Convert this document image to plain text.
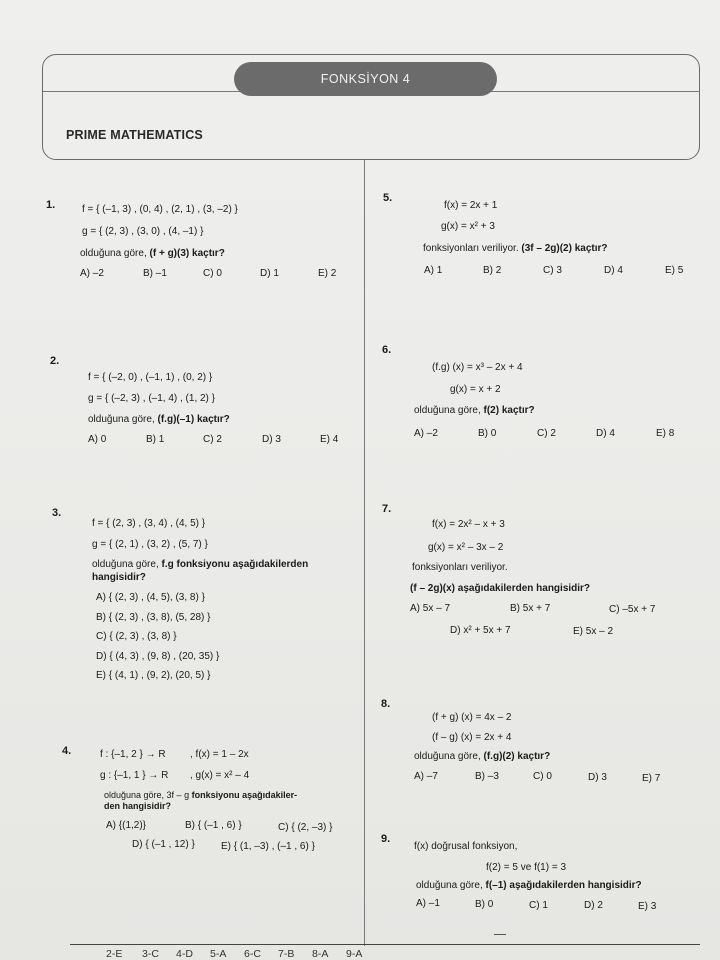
FONKSİYON 4
PRIME MATHEMATICS
1.	f = { (–1, 3) , (0, 4) , (2, 1) , (3, –2) }
g = { (2, 3) , (3, 0) , (4, –1) }
olduğuna göre, (f + g)(3) kaçtır?
A) –2	B) –1	C) 0	D) 1	E) 2
2.
f = { (–2, 0) , (–1, 1) , (0, 2) }
g = { (–2, 3) , (–1, 4) , (1, 2) }
olduğuna göre, (f.g)(–1) kaçtır?
A) 0	B) 1	C) 2	D) 3	E) 4
3.
f = { (2, 3) , (3, 4) , (4, 5) }
g = { (2, 1) , (3, 2) , (5, 7) }
olduğuna göre, f.g fonksiyonu aşağıdakilerden
hangisidir?
A) { (2, 3) , (4, 5), (3, 8) }
B) { (2, 3) , (3, 8), (5, 28) }
C) { (2, 3) , (3, 8) }
D) { (4, 3) , (9, 8) , (20, 35) }
E) { (4, 1) , (9, 2), (20, 5) }
4.	f : {–1, 2 } → R , f(x) = 1 – 2x
g : {–1, 1 } → R , g(x) = x² – 4
olduğuna göre, 3f – g fonksiyonu aşağıdakiler-
den hangisidir?
A) {(1,2)}	B) { (–1 , 6) }	C) { (2, –3) }
D) { (–1 , 12) }	E) { (1, –3) , (–1 , 6) }
5.
f(x) = 2x + 1
g(x) = x² + 3
fonksiyonları veriliyor. (3f – 2g)(2) kaçtır?
A) 1	B) 2	C) 3	D) 4	E) 5
6.
(f.g) (x) = x³ – 2x + 4
g(x) = x + 2
olduğuna göre, f(2) kaçtır?
A) –2	B) 0	C) 2	D) 4	E) 8
7.
f(x) = 2x² – x + 3
g(x) = x² – 3x – 2
fonksiyonları veriliyor.
(f – 2g)(x) aşağıdakilerden hangisidir?
A) 5x – 7	B) 5x + 7	C) –5x + 7
D) x² + 5x + 7	E) 5x – 2
8.
(f + g) (x) = 4x – 2
(f – g) (x) = 2x + 4
olduğuna göre, (f.g)(2) kaçtır?
A) –7	B) –3	C) 0	D) 3	E) 7
9.
f(x) doğrusal fonksiyon,
f(2) = 5 ve f(1) = 3
olduğuna göre, f(–1) aşağıdakilerden hangisidir?
A) –1	B) 0	C) 1	D) 2	E) 3
2-E 3-C 4-D 5-A 6-C 7-B 8-A 9-A
